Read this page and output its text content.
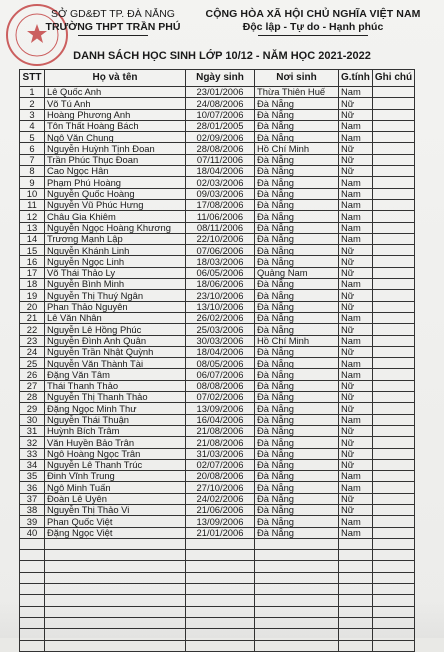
SỞ GD&ĐT TP. ĐÀ NẴNG
TRƯỜNG THPT TRẦN PHÚ
CỘNG HÒA XÃ HỘI CHỦ NGHĨA VIỆT NAM
Độc lập - Tự do - Hạnh phúc
DANH SÁCH HỌC SINH LỚP 10/12 - NĂM HỌC 2021-2022
STT	Họ và tên	Ngày sinh	Nơi sinh	G.tính	Ghi chú
1	Lê Quốc Anh	23/01/2006	Thừa Thiên Huế	Nam	
2	Võ Tú Anh	24/08/2006	Đà Nẵng	Nữ	
3	Hoàng Phương Anh	10/07/2006	Đà Nẵng	Nữ	
4	Tôn Thất Hoàng Bách	28/01/2005	Đà Nẵng	Nam	
5	Ngô Văn Chung	02/09/2006	Đà Nẵng	Nam	
6	Nguyễn Huỳnh Tịnh Đoan	28/08/2006	Hồ Chí Minh	Nữ	
7	Trần Phúc Thục Đoan	07/11/2006	Đà Nẵng	Nữ	
8	Cao Ngọc Hân	18/04/2006	Đà Nẵng	Nữ	
9	Phạm Phú Hoàng	02/03/2006	Đà Nẵng	Nam	
10	Nguyễn Quốc Hoàng	09/03/2006	Đà Nẵng	Nam	
11	Nguyễn Vũ Phúc Hưng	17/08/2006	Đà Nẵng	Nam	
12	Châu Gia Khiêm	11/06/2006	Đà Nẵng	Nam	
13	Nguyễn Ngọc Hoàng Khương	08/11/2006	Đà Nẵng	Nam	
14	Trương Mạnh Lập	22/10/2006	Đà Nẵng	Nam	
15	Nguyễn Khánh Linh	07/06/2006	Đà Nẵng	Nữ	
16	Nguyễn Ngọc Linh	18/03/2006	Đà Nẵng	Nữ	
17	Võ Thái Thảo Ly	06/05/2006	Quảng Nam	Nữ	
18	Nguyễn Bình Minh	18/06/2006	Đà Nẵng	Nam	
19	Nguyễn Thị Thuý Ngân	23/10/2006	Đà Nẵng	Nữ	
20	Phan Thảo Nguyên	13/10/2006	Đà Nẵng	Nữ	
21	Lê Văn Nhân	26/02/2006	Đà Nẵng	Nam	
22	Nguyễn Lê Hồng Phúc	25/03/2006	Đà Nẵng	Nữ	
23	Nguyễn Đình Anh Quân	30/03/2006	Hồ Chí Minh	Nam	
24	Nguyễn Trần Nhật Quỳnh	18/04/2006	Đà Nẵng	Nữ	
25	Nguyễn Văn Thành Tài	08/05/2006	Đà Nẵng	Nam	
26	Đặng Văn Tâm	06/07/2006	Đà Nẵng	Nam	
27	Thái Thanh Thảo	08/08/2006	Đà Nẵng	Nữ	
28	Nguyễn Thị Thanh Thảo	07/02/2006	Đà Nẵng	Nữ	
29	Đặng Ngọc Minh Thư	13/09/2006	Đà Nẵng	Nữ	
30	Nguyễn Thái Thuận	16/04/2006	Đà Nẵng	Nam	
31	Huỳnh Bích Trâm	21/08/2006	Đà Nẵng	Nữ	
32	Văn Huyền Bảo Trân	21/08/2006	Đà Nẵng	Nữ	
33	Ngô Hoàng Ngọc Trân	31/03/2006	Đà Nẵng	Nữ	
34	Nguyễn Lê Thanh Trúc	02/07/2006	Đà Nẵng	Nữ	
35	Đinh Vĩnh Trung	20/08/2006	Đà Nẵng	Nam	
36	Ngô Minh Tuấn	27/10/2006	Đà Nẵng	Nam	
37	Đoàn Lê Uyên	24/02/2006	Đà Nẵng	Nữ	
38	Nguyễn Thị Thảo Vi	21/06/2006	Đà Nẵng	Nữ	
39	Phan Quốc Việt	13/09/2006	Đà Nẵng	Nam	
40	Đặng Ngọc Việt	21/01/2006	Đà Nẵng	Nam	
